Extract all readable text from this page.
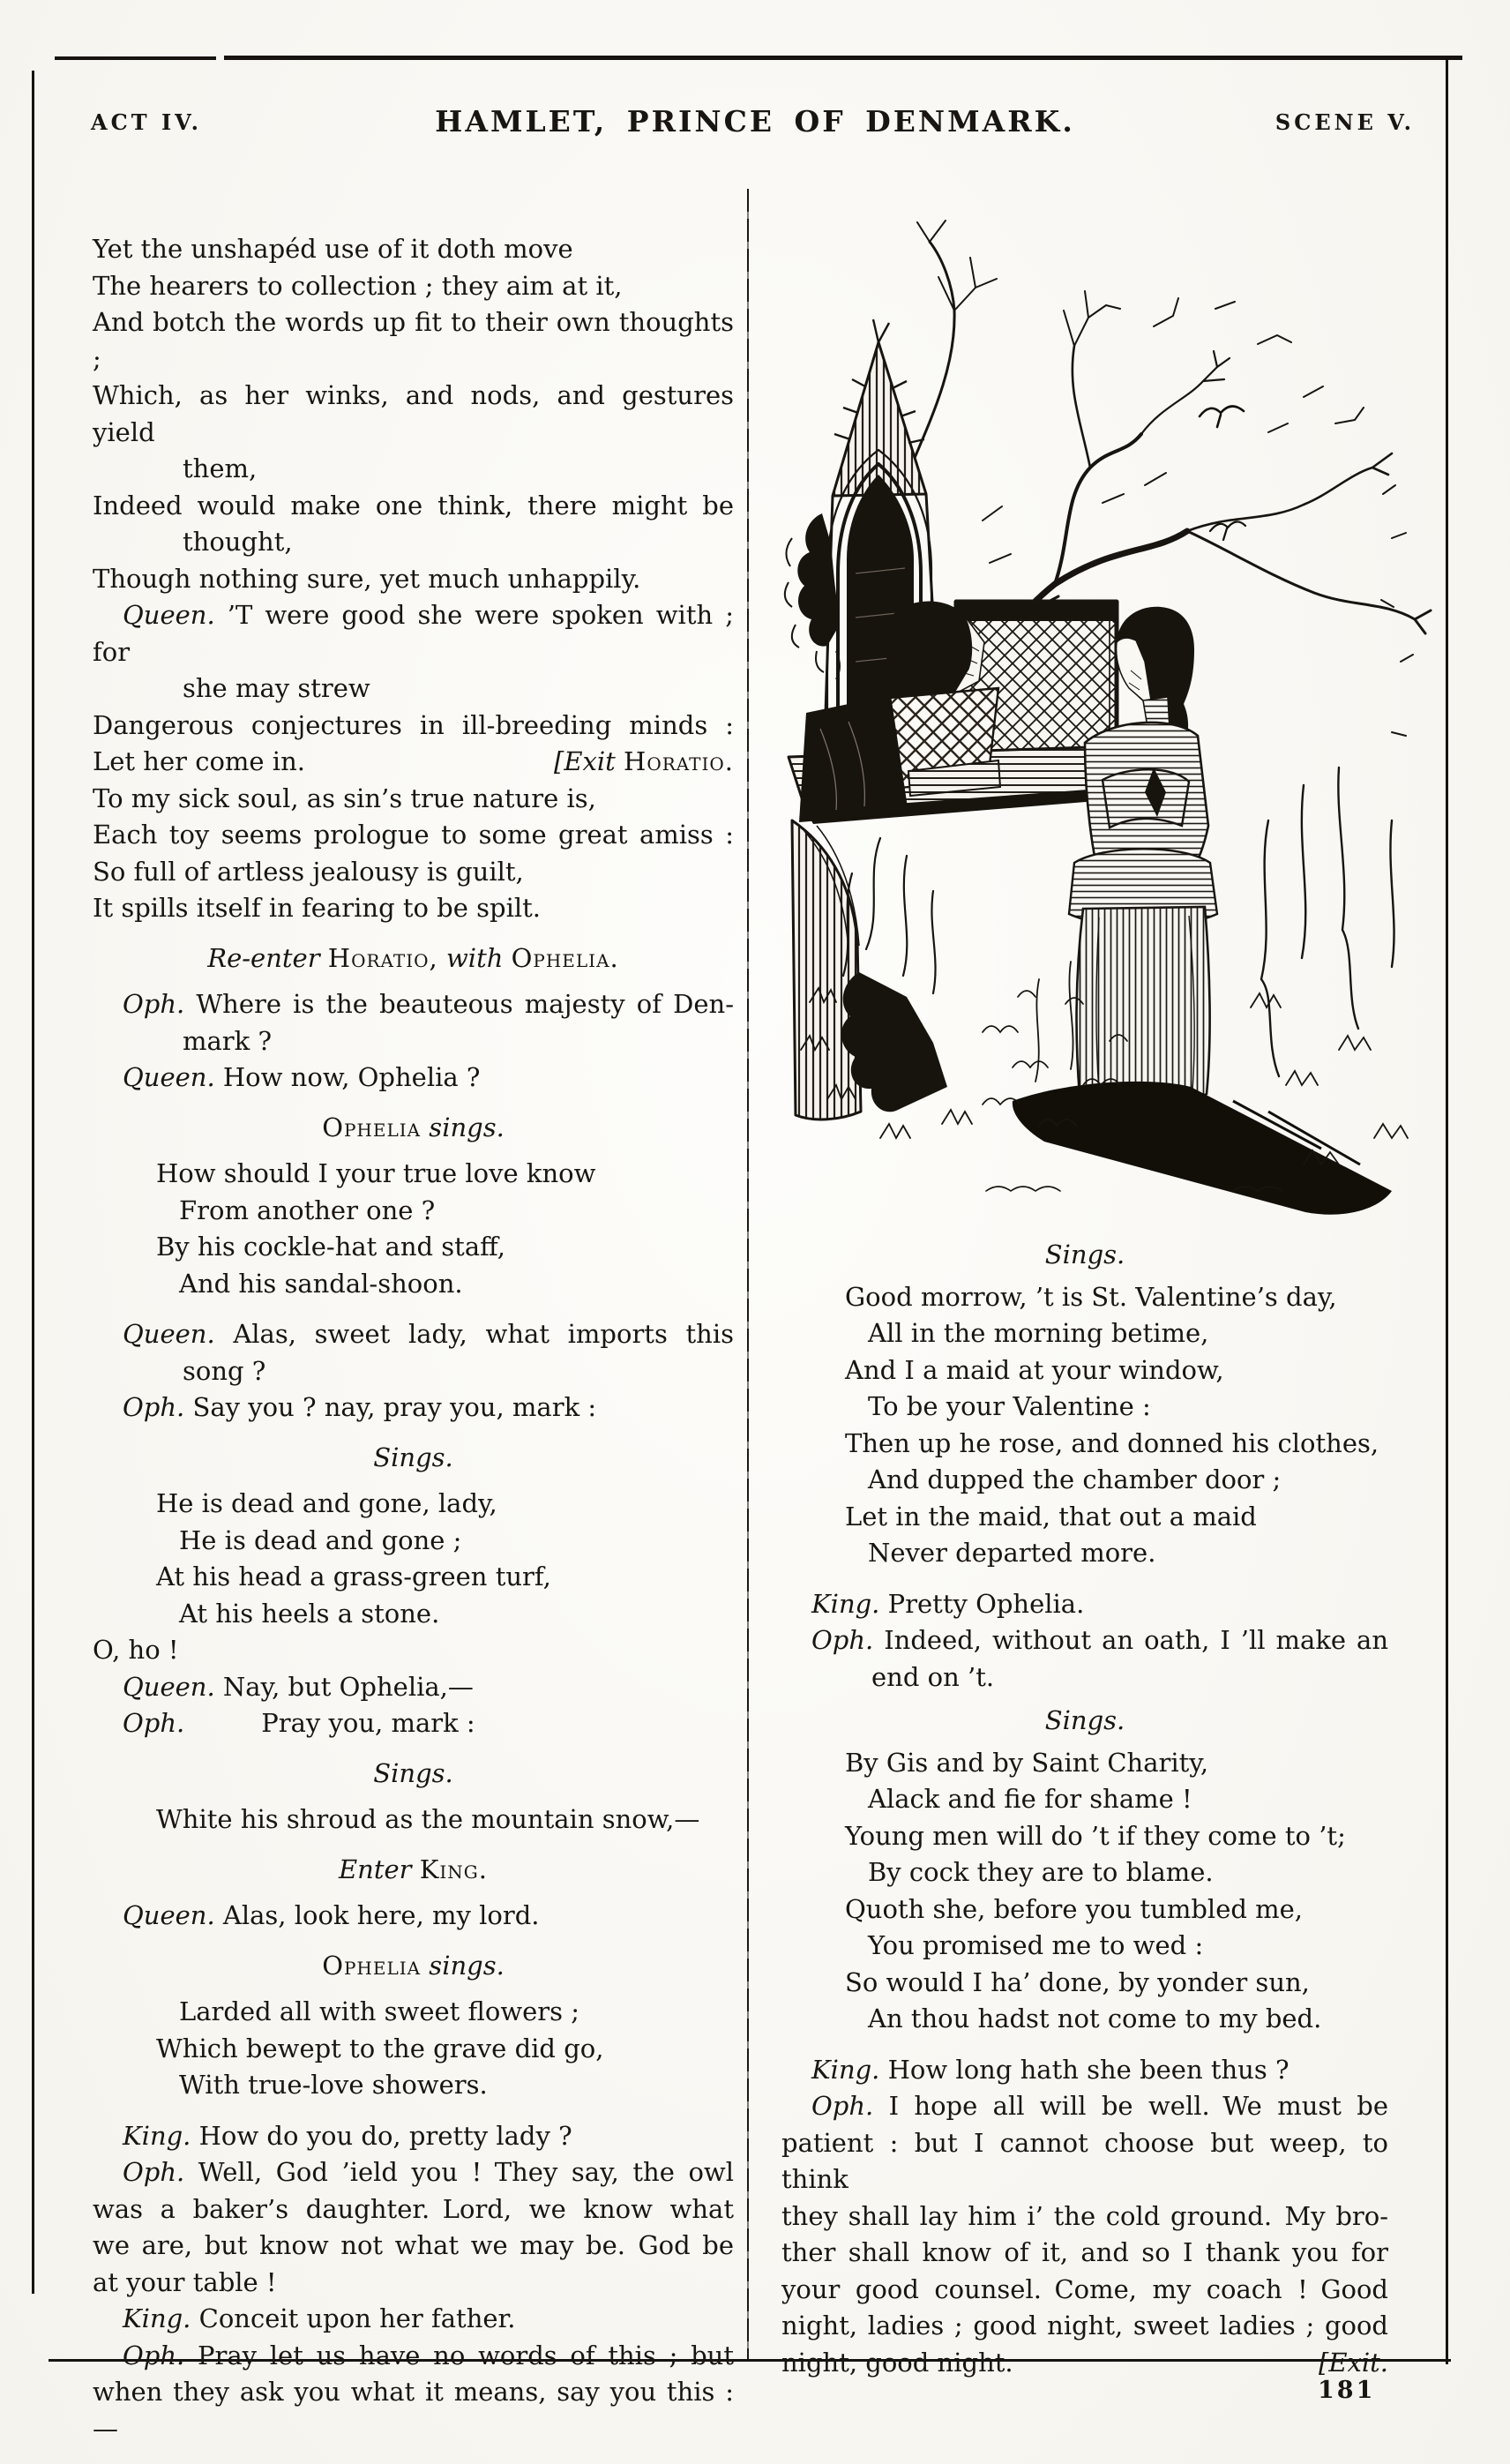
ACT IV.	HAMLET, PRINCE OF DENMARK.	SCENE V.
Yet the unshapéd use of it doth move
The hearers to collection ; they aim at it,
And botch the words up fit to their own thoughts ;
Which, as her winks, and nods, and gestures yield
them,
Indeed would make one think, there might be
thought,
Though nothing sure, yet much unhappily.
Queen. ’T were good she were spoken with ; for
she may strew
Dangerous conjectures in ill-breeding minds :
Let her come in.	[Exit Horatio.
To my sick soul, as sin’s true nature is,
Each toy seems prologue to some great amiss :
So full of artless jealousy is guilt,
It spills itself in fearing to be spilt.
Re-enter Horatio, with Ophelia.
Oph. Where is the beauteous majesty of Den-
mark ?
Queen. How now, Ophelia ?
Ophelia sings.
How should I your true love know
From another one ?
By his cockle-hat and staff,
And his sandal-shoon.
Queen. Alas, sweet lady, what imports this
song ?
Oph. Say you ? nay, pray you, mark :
Sings.
He is dead and gone, lady,
He is dead and gone ;
At his head a grass-green turf,
At his heels a stone.
O, ho !
Queen. Nay, but Ophelia,—
Oph.   Pray you, mark :
Sings.
White his shroud as the mountain snow,—
Enter King.
Queen. Alas, look here, my lord.
Ophelia sings.
Larded all with sweet flowers ;
Which bewept to the grave did go,
With true-love showers.
King. How do you do, pretty lady ?
Oph. Well, God ’ield you ! They say, the owl
was a baker’s daughter. Lord, we know what
we are, but know not what we may be. God be
at your table !
King. Conceit upon her father.
Oph. Pray let us have no words of this ; but
when they ask you what it means, say you this :—
Sings.
Good morrow, ’t is St. Valentine’s day,
All in the morning betime,
And I a maid at your window,
To be your Valentine :
Then up he rose, and donned his clothes,
And dupped the chamber door ;
Let in the maid, that out a maid
Never departed more.
King. Pretty Ophelia.
Oph. Indeed, without an oath, I ’ll make an
end on ’t.
Sings.
By Gis and by Saint Charity,
Alack and fie for shame !
Young men will do ’t if they come to ’t;
By cock they are to blame.
Quoth she, before you tumbled me,
You promised me to wed :
So would I ha’ done, by yonder sun,
An thou hadst not come to my bed.
King. How long hath she been thus ?
Oph. I hope all will be well. We must be
patient : but I cannot choose but weep, to think
they shall lay him i’ the cold ground. My bro-
ther shall know of it, and so I thank you for
your good counsel. Come, my coach ! Good
night, ladies ; good night, sweet ladies ; good
night, good night.	[Exit.
181
